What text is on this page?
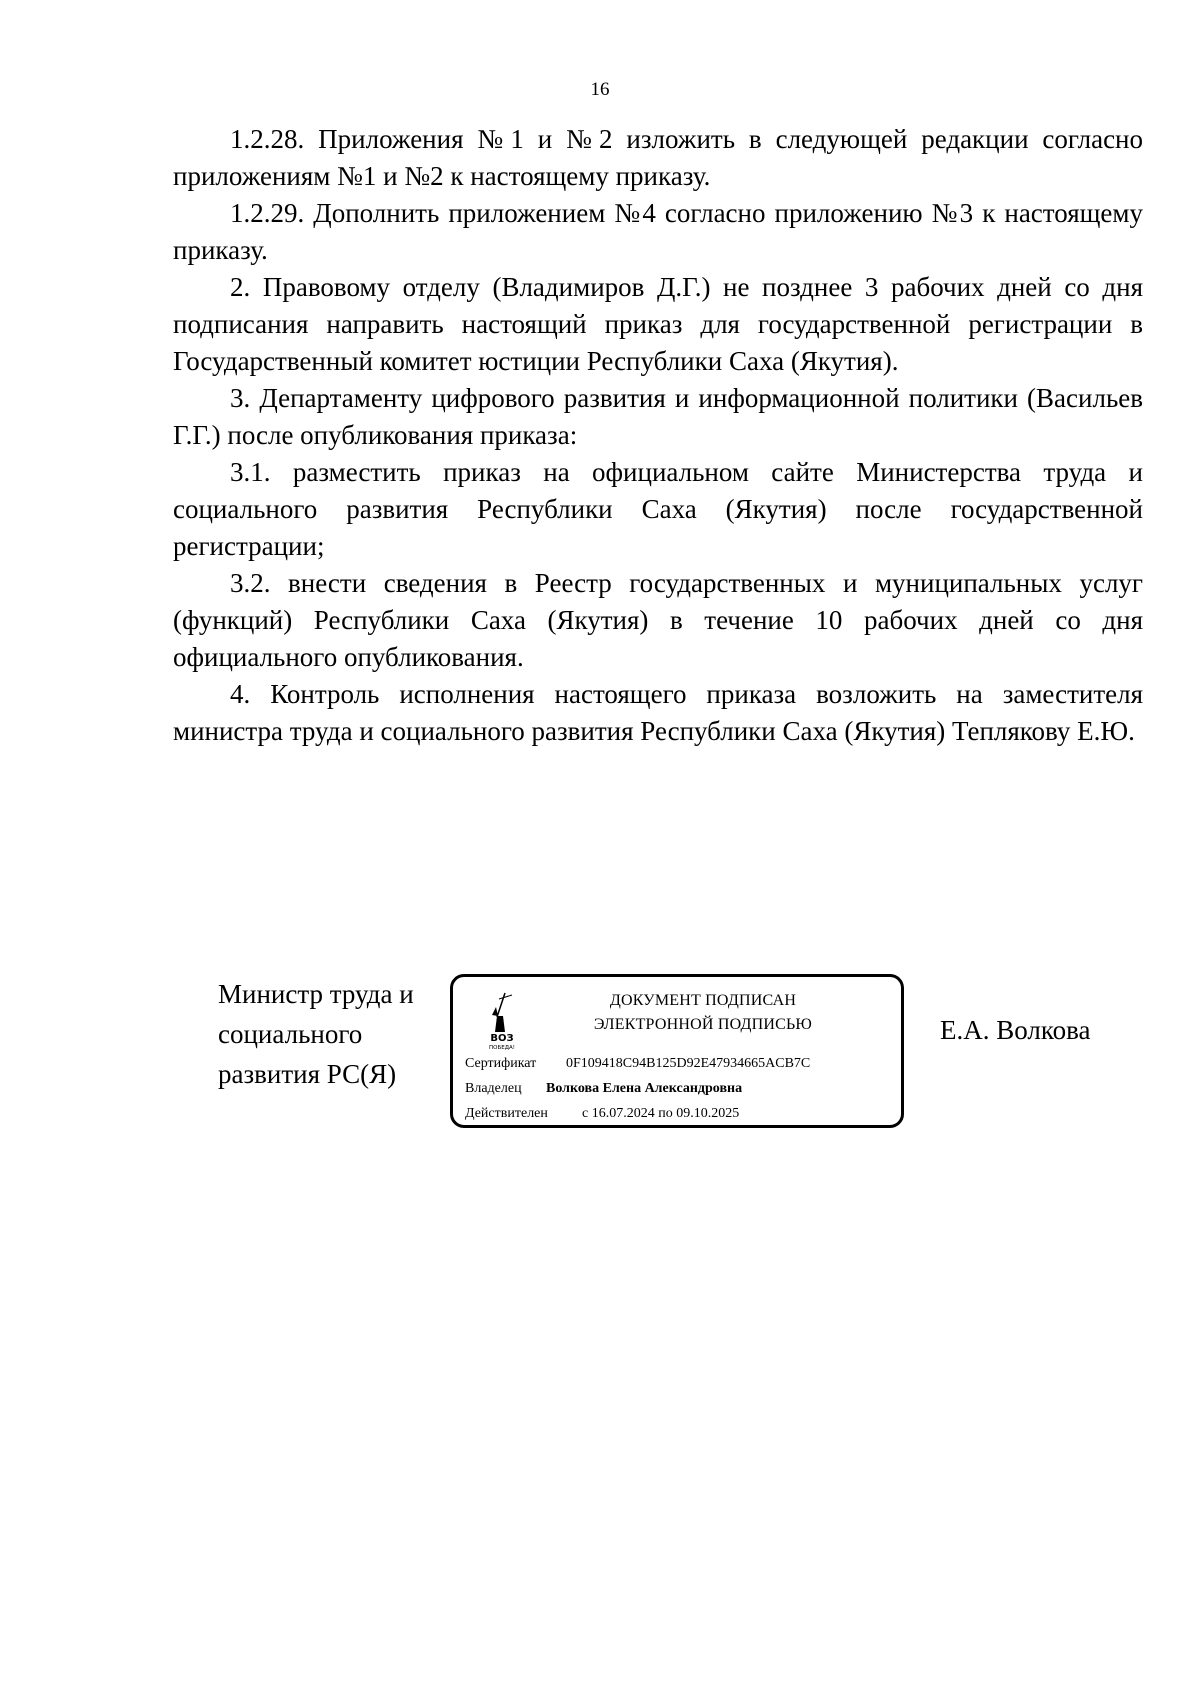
16

1.2.28. Приложения №1 и №2 изложить в следующей редакции согласно приложениям №1 и №2 к настоящему приказу.

1.2.29. Дополнить приложением №4 согласно приложению №3 к настоящему приказу.

2. Правовому отделу (Владимиров Д.Г.) не позднее 3 рабочих дней со дня подписания направить настоящий приказ для государственной регистрации в Государственный комитет юстиции Республики Саха (Якутия).

3. Департаменту цифрового развития и информационной политики (Васильев Г.Г.) после опубликования приказа:

3.1. разместить приказ на официальном сайте Министерства труда и социального развития Республики Саха (Якутия) после государственной регистрации;

3.2. внести сведения в Реестр государственных и муниципальных услуг (функций) Республики Саха (Якутия) в течение 10 рабочих дней со дня официального опубликования.

4. Контроль исполнения настоящего приказа возложить на заместителя министра труда и социального развития Республики Саха (Якутия) Теплякову Е.Ю.

Министр труда и
социального
развития РС(Я)
ВОЗ
ПОБЕДА!
ДОКУМЕНТ ПОДПИСАН
ЭЛЕКТРОННОЙ ПОДПИСЬЮ
Сертификат 0F109418C94B125D92E47934665ACB7C
Владелец Волкова Елена Александровна
Действителен с 16.07.2024 по 09.10.2025
Е.А. Волкова
